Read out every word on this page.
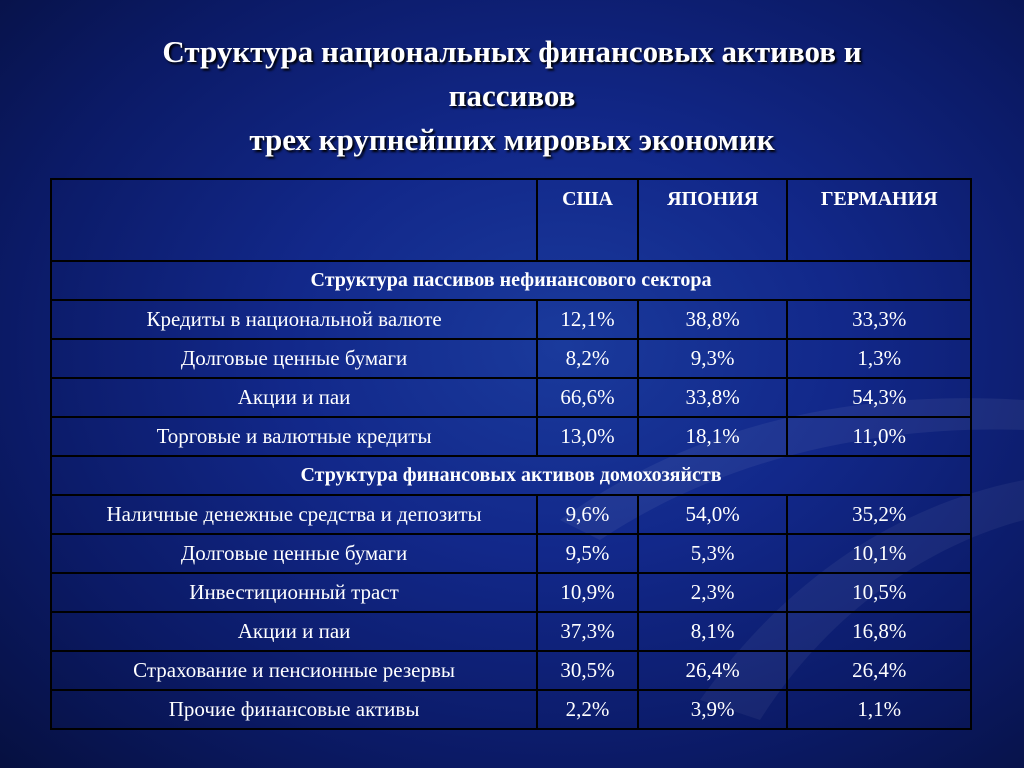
Структура национальных финансовых активов и
пассивов
трех крупнейших мировых экономик
	США	ЯПОНИЯ	ГЕРМАНИЯ
Структура пассивов нефинансового сектора			
Кредиты в национальной валюте	12,1%	38,8%	33,3%
Долговые ценные бумаги	8,2%	9,3%	1,3%
Акции и паи	66,6%	33,8%	54,3%
Торговые и валютные кредиты	13,0%	18,1%	11,0%
Структура финансовых активов домохозяйств			
Наличные денежные средства и депозиты	9,6%	54,0%	35,2%
Долговые ценные бумаги	9,5%	5,3%	10,1%
Инвестиционный траст	10,9%	2,3%	10,5%
Акции и паи	37,3%	8,1%	16,8%
Страхование и пенсионные резервы	30,5%	26,4%	26,4%
Прочие финансовые активы	2,2%	3,9%	1,1%
